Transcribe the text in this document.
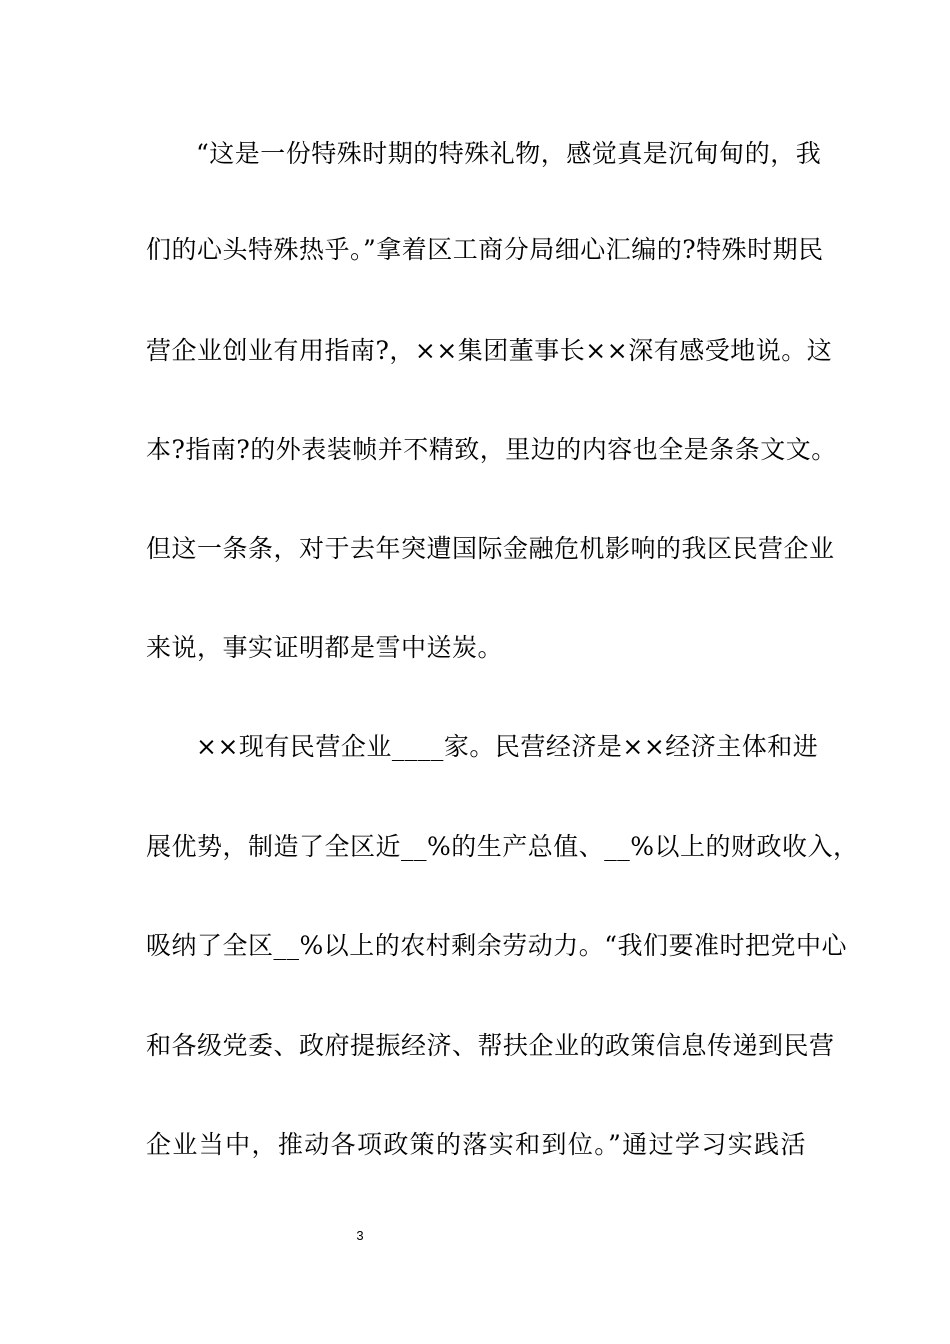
“这是一份特殊时期的特殊礼物，感觉真是沉甸甸的，我
们的心头特殊热乎。”拿着区工商分局细心汇编的?特殊时期民
营企业创业有用指南?，××集团董事长××深有感受地说。这
本?指南?的外表装帧并不精致，里边的内容也全是条条文文。
但这一条条，对于去年突遭国际金融危机影响的我区民营企业
来说，事实证明都是雪中送炭。
××现有民营企业____家。民营经济是××经济主体和进
展优势，制造了全区近__%的生产总值、__%以上的财政收入，
吸纳了全区__%以上的农村剩余劳动力。“我们要准时把党中心
和各级党委、政府提振经济、帮扶企业的政策信息传递到民营
企业当中，推动各项政策的落实和到位。”通过学习实践活
3
